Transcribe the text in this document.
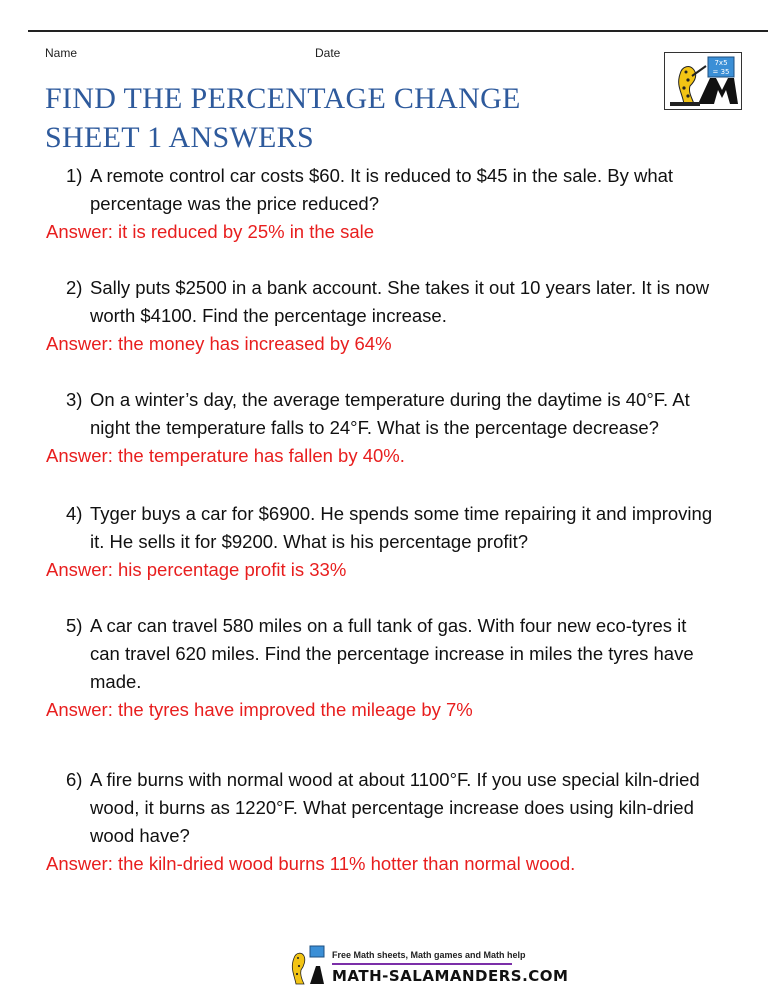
Name	Date
FIND THE PERCENTAGE CHANGE
SHEET 1 ANSWERS
7x5
= 35
1) A remote control car costs $60. It is reduced to $45 in the sale. By what percentage was the price reduced?
Answer: it is reduced by 25% in the sale
2) Sally puts $2500 in a bank account. She takes it out 10 years later. It is now worth $4100. Find the percentage increase.
Answer: the money has increased by 64%
3) On a winter’s day, the average temperature during the daytime is 40°F. At night the temperature falls to 24°F. What is the percentage decrease?
Answer: the temperature has fallen by 40%.
4) Tyger buys a car for $6900. He spends some time repairing it and improving it. He sells it for $9200. What is his percentage profit?
Answer: his percentage profit is 33%
5) A car can travel 580 miles on a full tank of gas. With four new eco-tyres it can travel 620 miles. Find the percentage increase in miles the tyres have made.
Answer: the tyres have improved the mileage by 7%
6) A fire burns with normal wood at about 1100°F. If you use special kiln-dried wood, it burns as 1220°F. What percentage increase does using kiln-dried wood have?
Answer: the kiln-dried wood burns 11% hotter than normal wood.
Free Math sheets, Math games and Math help
MATH-SALAMANDERS.COM
